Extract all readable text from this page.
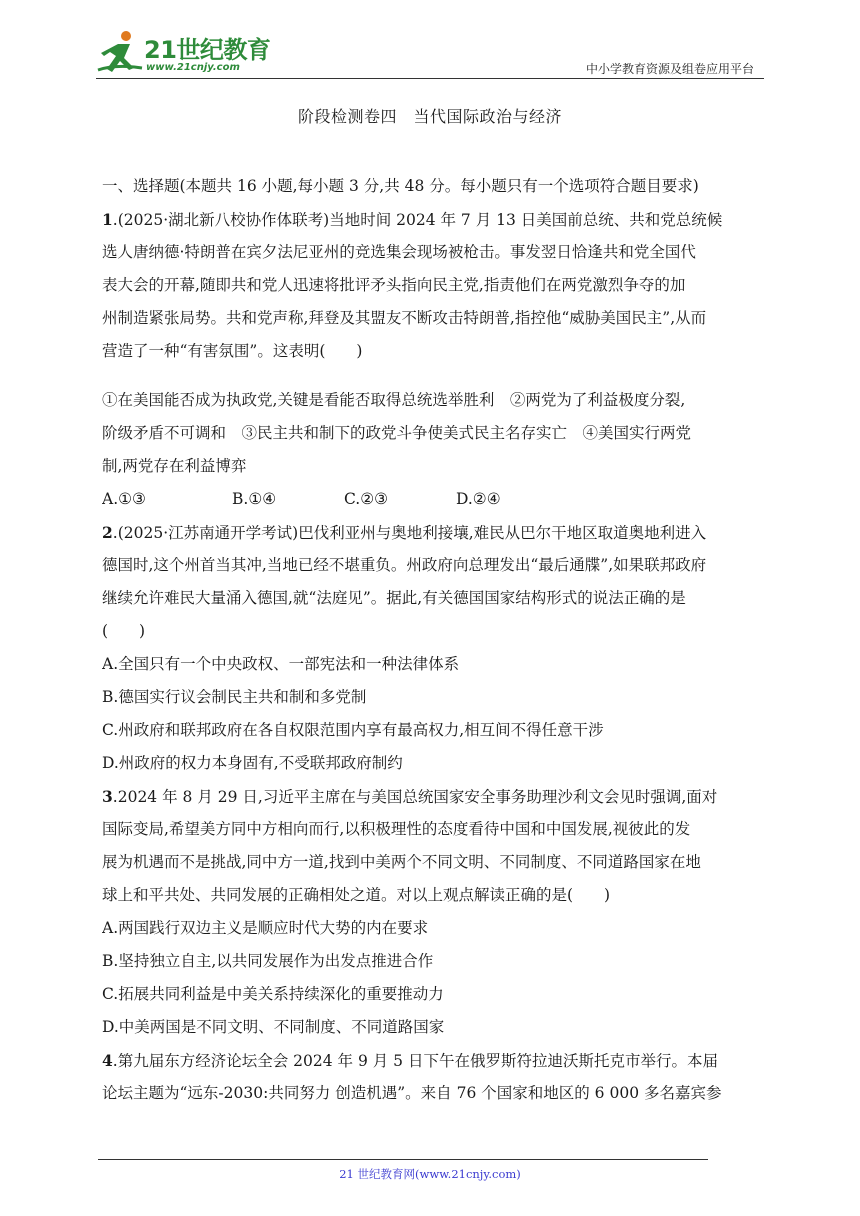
21世纪教育
www.21cnjy.com	中小学教育资源及组卷应用平台
阶段检测卷四　当代国际政治与经济
一、选择题(本题共 16 小题,每小题 3 分,共 48 分。每小题只有一个选项符合题目要求)
1.(2025·湖北新八校协作体联考)当地时间 2024 年 7 月 13 日美国前总统、共和党总统候
选人唐纳德·特朗普在宾夕法尼亚州的竞选集会现场被枪击。事发翌日恰逢共和党全国代
表大会的开幕,随即共和党人迅速将批评矛头指向民主党,指责他们在两党激烈争夺的加
州制造紧张局势。共和党声称,拜登及其盟友不断攻击特朗普,指控他“威胁美国民主”,从而
营造了一种“有害氛围”。这表明(　　)
①在美国能否成为执政党,关键是看能否取得总统选举胜利　②两党为了利益极度分裂,
阶级矛盾不可调和　③民主共和制下的政党斗争使美式民主名存实亡　④美国实行两党
制,两党存在利益博弈
A.①③	B.①④	C.②③	D.②④
2.(2025·江苏南通开学考试)巴伐利亚州与奥地利接壤,难民从巴尔干地区取道奥地利进入
德国时,这个州首当其冲,当地已经不堪重负。州政府向总理发出“最后通牒”,如果联邦政府
继续允许难民大量涌入德国,就“法庭见”。据此,有关德国国家结构形式的说法正确的是
(　　)
A.全国只有一个中央政权、一部宪法和一种法律体系
B.德国实行议会制民主共和制和多党制
C.州政府和联邦政府在各自权限范围内享有最高权力,相互间不得任意干涉
D.州政府的权力本身固有,不受联邦政府制约
3.2024 年 8 月 29 日,习近平主席在与美国总统国家安全事务助理沙利文会见时强调,面对
国际变局,希望美方同中方相向而行,以积极理性的态度看待中国和中国发展,视彼此的发
展为机遇而不是挑战,同中方一道,找到中美两个不同文明、不同制度、不同道路国家在地
球上和平共处、共同发展的正确相处之道。对以上观点解读正确的是(　　)
A.两国践行双边主义是顺应时代大势的内在要求
B.坚持独立自主,以共同发展作为出发点推进合作
C.拓展共同利益是中美关系持续深化的重要推动力
D.中美两国是不同文明、不同制度、不同道路国家
4.第九届东方经济论坛全会 2024 年 9 月 5 日下午在俄罗斯符拉迪沃斯托克市举行。本届
论坛主题为“远东-2030:共同努力 创造机遇”。来自 76 个国家和地区的 6 000 多名嘉宾参
21 世纪教育网(www.21cnjy.com)
